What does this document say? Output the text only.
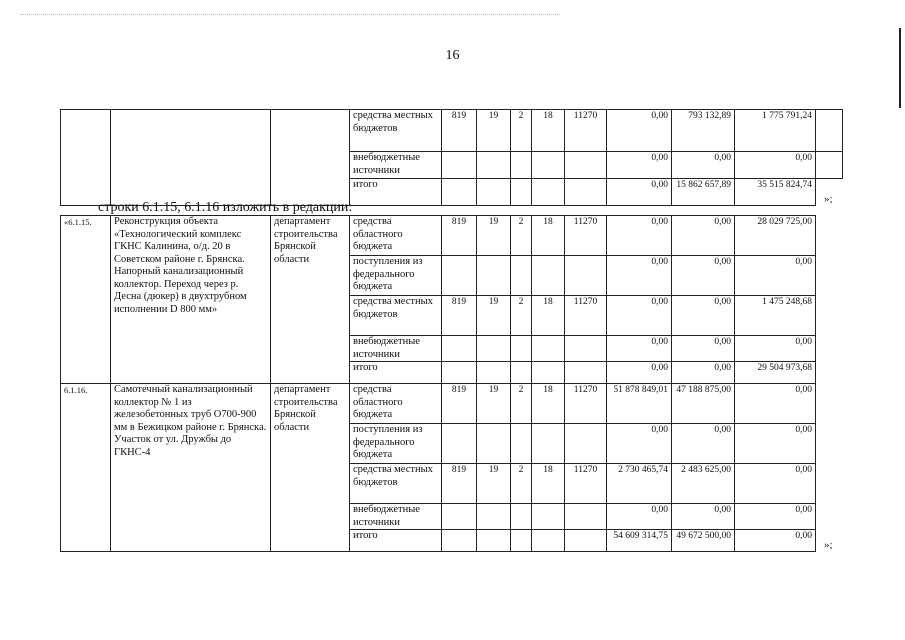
16
			средства местных бюджетов	819	19	2	18	11270	0,00	793 132,89	1 775 791,24	
			внебюджетные источники						0,00	0,00	0,00	
			итого						0,00	15 862 657,89	35 515 824,74	»;
строки 6.1.15, 6.1.16 изложить в редакции:
«6.1.15.	Реконструкция объекта «Технологический комплекс ГКНС Калинина, о/д. 20 в Советском районе г. Брянска. Напорный канализационный коллектор. Переход через р. Десна (дюкер) в двухтрубном исполнении D 800 мм»	департамент строительства Брянской области	средства областного бюджета	819	19	2	18	11270	0,00	0,00	28 029 725,00	
			поступления из федерального бюджета						0,00	0,00	0,00	
			средства местных бюджетов	819	19	2	18	11270	0,00	0,00	1 475 248,68	
			внебюджетные источники						0,00	0,00	0,00	
			итого						0,00	0,00	29 504 973,68	
6.1.16.	Самотечный канализационный коллектор № 1 из железобетонных труб О700-900 мм в Бежицком районе г. Брянска. Участок от ул. Дружбы до ГКНС-4	департамент строительства Брянской области	средства областного бюджета	819	19	2	18	11270	51 878 849,01	47 188 875,00	0,00	
			поступления из федерального бюджета						0,00	0,00	0,00	
			средства местных бюджетов	819	19	2	18	11270	2 730 465,74	2 483 625,00	0,00	
			внебюджетные источники						0,00	0,00	0,00	
			итого						54 609 314,75	49 672 500,00	0,00	»;
